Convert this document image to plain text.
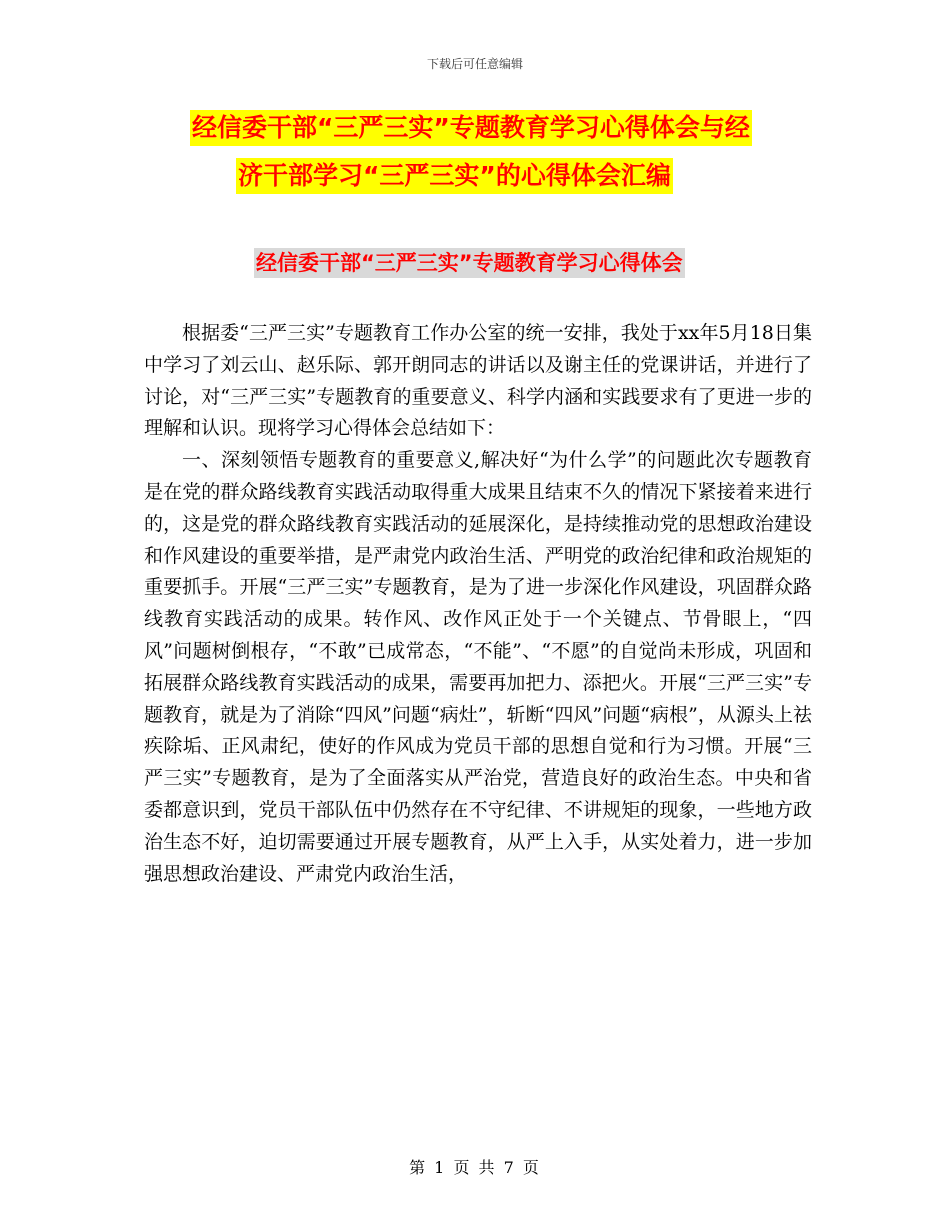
下载后可任意编辑
经信委干部“三严三实”专题教育学习心得体会与经
济干部学习“三严三实”的心得体会汇编
经信委干部“三严三实”专题教育学习心得体会

根据委“三严三实”专题教育工作办公室的统一安排，我处于xx年5月18日集中学习了刘云山、赵乐际、郭开朗同志的讲话以及谢主任的党课讲话，并进行了讨论，对“三严三实”专题教育的重要意义、科学内涵和实践要求有了更进一步的理解和认识。现将学习心得体会总结如下：

一、深刻领悟专题教育的重要意义,解决好“为什么学”的问题此次专题教育是在党的群众路线教育实践活动取得重大成果且结束不久的情况下紧接着来进行的，这是党的群众路线教育实践活动的延展深化，是持续推动党的思想政治建设和作风建设的重要举措，是严肃党内政治生活、严明党的政治纪律和政治规矩的重要抓手。开展“三严三实”专题教育，是为了进一步深化作风建设，巩固群众路线教育实践活动的成果。转作风、改作风正处于一个关键点、节骨眼上，“四风”问题树倒根存，“不敢”已成常态，“不能”、“不愿”的自觉尚未形成，巩固和拓展群众路线教育实践活动的成果，需要再加把力、添把火。开展“三严三实”专题教育，就是为了消除“四风”问题“病灶”，斩断“四风”问题“病根”，从源头上祛疾除垢、正风肃纪，使好的作风成为党员干部的思想自觉和行为习惯。开展“三严三实”专题教育，是为了全面落实从严治党，营造良好的政治生态。中央和省委都意识到，党员干部队伍中仍然存在不守纪律、不讲规矩的现象，一些地方政治生态不好，迫切需要通过开展专题教育，从严上入手，从实处着力，进一步加强思想政治建设、严肃党内政治生活，

第 1 页 共 7 页
